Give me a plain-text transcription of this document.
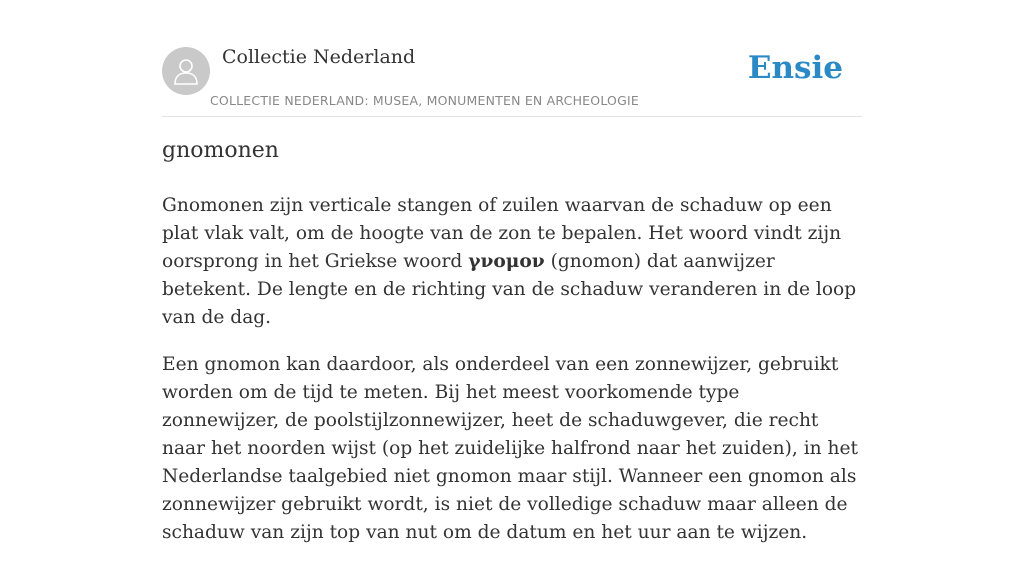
Collectie Nederland
COLLECTIE NEDERLAND: MUSEA, MONUMENTEN EN ARCHEOLOGIE
Ensie
gnomonen

Gnomonen zijn verticale stangen of zuilen waarvan de schaduw op een plat vlak valt, om de hoogte van de zon te bepalen. Het woord vindt zijn oorsprong in het Griekse woord γνομον (gnomon) dat aanwijzer betekent. De lengte en de richting van de schaduw veranderen in de loop van de dag.

Een gnomon kan daardoor, als onderdeel van een zonnewijzer, gebruikt worden om de tijd te meten. Bij het meest voorkomende type zonnewijzer, de poolstijlzonnewijzer, heet de schaduwgever, die recht naar het noorden wijst (op het zuidelijke halfrond naar het zuiden), in het Nederlandse taalgebied niet gnomon maar stijl. Wanneer een gnomon als zonnewijzer gebruikt wordt, is niet de volledige schaduw maar alleen de schaduw van zijn top van nut om de datum en het uur aan te wijzen.
